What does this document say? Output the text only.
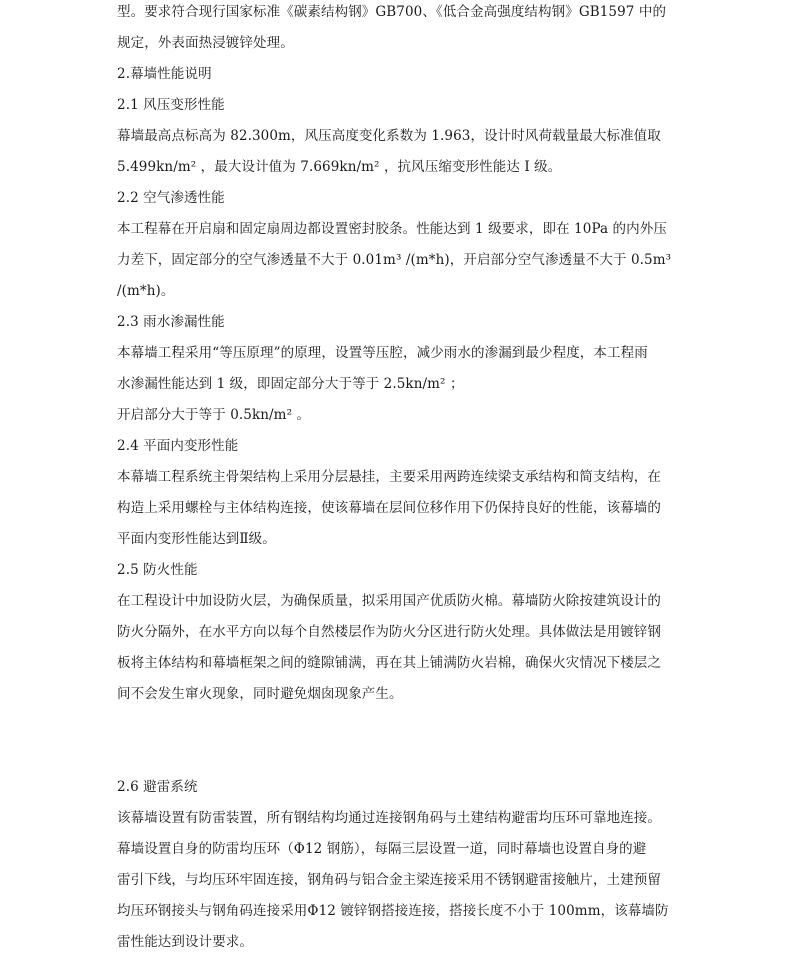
型。要求符合现行国家标准《碳素结构钢》GB700、《低合金高强度结构钢》GB1597 中的
规定，外表面热浸镀锌处理。
2.幕墙性能说明
2.1 风压变形性能
幕墙最高点标高为 82.300m，风压高度变化系数为 1.963，设计时风荷载量最大标准值取
5.499kn/m² ，最大设计值为 7.669kn/m² ，抗风压缩变形性能达 I 级。
2.2 空气渗透性能
本工程幕在开启扇和固定扇周边都设置密封胶条。性能达到 1 级要求，即在 10Pa 的内外压
力差下，固定部分的空气渗透量不大于 0.01m³ /(m*h)，开启部分空气渗透量不大于 0.5m³
/(m*h)。
2.3 雨水渗漏性能
本幕墙工程采用“等压原理”的原理，设置等压腔，减少雨水的渗漏到最少程度，本工程雨
水渗漏性能达到 1 级，即固定部分大于等于 2.5kn/m² ；
开启部分大于等于 0.5kn/m² 。
2.4 平面内变形性能
本幕墙工程系统主骨架结构上采用分层悬挂，主要采用两跨连续梁支承结构和简支结构，在
构造上采用螺栓与主体结构连接，使该幕墙在层间位移作用下仍保持良好的性能，该幕墙的
平面内变形性能达到Ⅱ级。
2.5 防火性能
在工程设计中加设防火层，为确保质量，拟采用国产优质防火棉。幕墙防火除按建筑设计的
防火分隔外，在水平方向以每个自然楼层作为防火分区进行防火处理。具体做法是用镀锌钢
板将主体结构和幕墙框架之间的缝隙铺满，再在其上铺满防火岩棉，确保火灾情况下楼层之
间不会发生窜火现象，同时避免烟囱现象产生。
2.6 避雷系统
该幕墙设置有防雷装置，所有钢结构均通过连接钢角码与土建结构避雷均压环可靠地连接。
幕墙设置自身的防雷均压环（Φ12 钢筋），每隔三层设置一道，同时幕墙也设置自身的避
雷引下线，与均压环牢固连接，钢角码与铝合金主梁连接采用不锈钢避雷接触片，土建预留
均压环钢接头与钢角码连接采用Φ12 镀锌钢搭接连接，搭接长度不小于 100mm，该幕墙防
雷性能达到设计要求。
